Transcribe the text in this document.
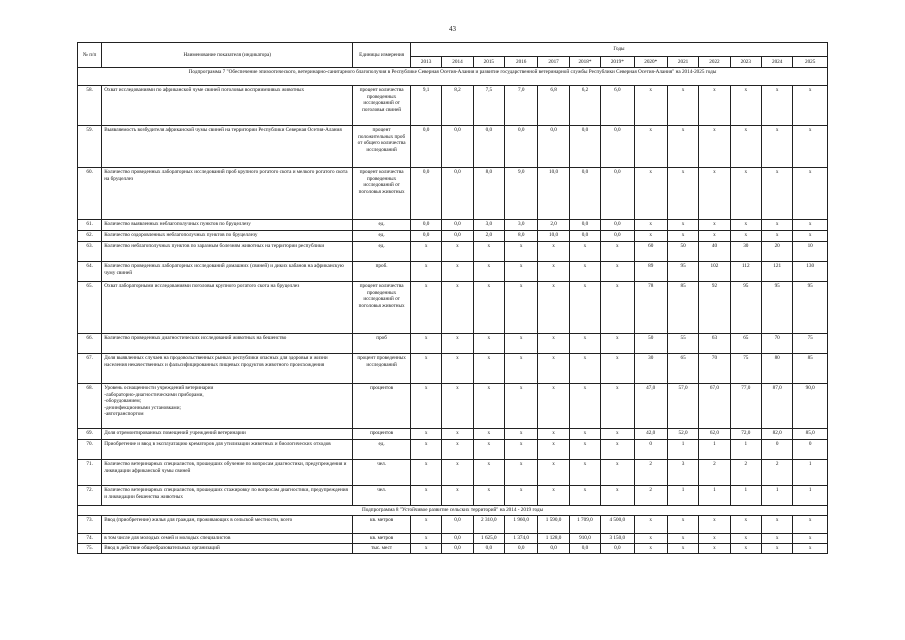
43
№ п/п	Наименование показателя (индикатора)	Единицы измерения	Годы												
			2013	2014	2015	2016	2017	2018*	2019*	2020*	2021	2022	2023	2024	2025
Подпрограмма 7 "Обеспечение эпизоотического, ветеринарно-санитарного благополучия в Республике Северная Осетия-Алания и развитие государственной ветеринарной службы Республики Северная Осетия-Алания" на 2014-2025 годы															
58.	Охват исследованиями по африканской чуме свиней поголовья восприимчивых животных	процент количества проведенных исследований от поголовья свиней	9,1	8,2	7,5	7,0	6,8	6,2	6,0	х	х	х	х	х	х
59.	Выявляемость возбудителя африканской чумы свиней на территории Республики Северная Осетия-Алания	процент положительных проб от общего количества исследований	0,0	0,0	0,0	0,0	0,0	0,0	0,0	х	х	х	х	х	х
60.	Количество проведенных лабораторных исследований проб крупного рогатого скота и мелкого рогатого скота на бруцеллез	процент количества проведенных исследований от поголовья животных	0,0	0,0	8,0	9,0	10,0	0,0	0,0	х	х	х	х	х	х
61.	Количество выявленных неблагополучных пунктов по бруцеллезу	ед.	0,0	0,0	3,0	3,0	2,0	0,0	0,0	х	х	х	х	х	х
62.	Количество оздоровленных неблагополучных пунктов по бруцеллезу	ед.	0,0	0,0	2,0	8,0	10,0	0,0	0,0	х	х	х	х	х	х
63.	Количество неблагополучных пунктов по заразным болезням животных на территории республики	ед.	х	х	х	х	х	х	х	60	50	40	30	20	10
64.	Количество проведенных лабораторных исследований домашних (свиней) и диких кабанов на африканскую чуму свиней	проб.	х	х	х	х	х	х	х	89	95	102	112	121	130
65.	Охват лабораторными исследованиями поголовья крупного рогатого скота на бруцеллез	процент количества проведенных исследований от поголовья животных	х	х	х	х	х	х	х	78	85	92	95	95	95
66.	Количество проведенных диагностических исследований животных на бешенство	проб	х	х	х	х	х	х	х	50	55	63	65	70	75
67.	Доля выявленных случаев на продовольственных рынках республики опасных для здоровья и жизни населения некачественных и фальсифицированных пищевых продуктов животного происхождения	процент проведенных исследований	х	х	х	х	х	х	х	30	65	70	75	80	85
68.	Уровень оснащенности учреждений ветеринарии
-лабораторно-диагностическими приборами,
-оборудованием;
-дезинфекционными установками;
-автотранспортом	процентов	х	х	х	х	х	х	х	47,0	57,0	67,0	77,0	87,0	90,0
69.	Доля отремонтированных помещений учреждений ветеринарии	процентов	х	х	х	х	х	х	х	42,0	52,0	62,0	72,0	82,0	85,0
70.	Приобретение и ввод в эксплуатацию крематоров для утилизации животных и биологических отходов	ед.	х	х	х	х	х	х	х	0	1	1	1	0	0
71.	Количество ветеринарных специалистов, прошедших обучение по вопросам диагностики, предупреждения и ликвидации африканской чумы свиней	чел.	х	х	х	х	х	х	х	2	3	2	2	2	1
72.	Количество ветеринарных специалистов, прошедших стажировку по вопросам диагностики, предупреждения и ликвидации бешенства животных	чел.	х	х	х	х	х	х	х	2	1	1	1	1	1
Подпрограмма 8 "Устойчивое развитие сельских территорий" на 2014 - 2019 годы															
73.	Ввод (приобретение) жилья для граждан, проживающих в сельской местности, всего	кв. метров	х	0,0	2 310,0	1 960,0	1 590,0	1 709,0	4 500,0	х	х	х	х	х	х
74.	в том числе для молодых семей и молодых специалистов	кв. метров	х	0,0	1 625,0	1 374,0	1 128,0	910,0	3 150,0	х	х	х	х	х	х
75.	Ввод в действие общеобразовательных организаций	тыс. мест	х	0,0	0,0	0,0	0,0	0,0	0,0	х	х	х	х	х	х
